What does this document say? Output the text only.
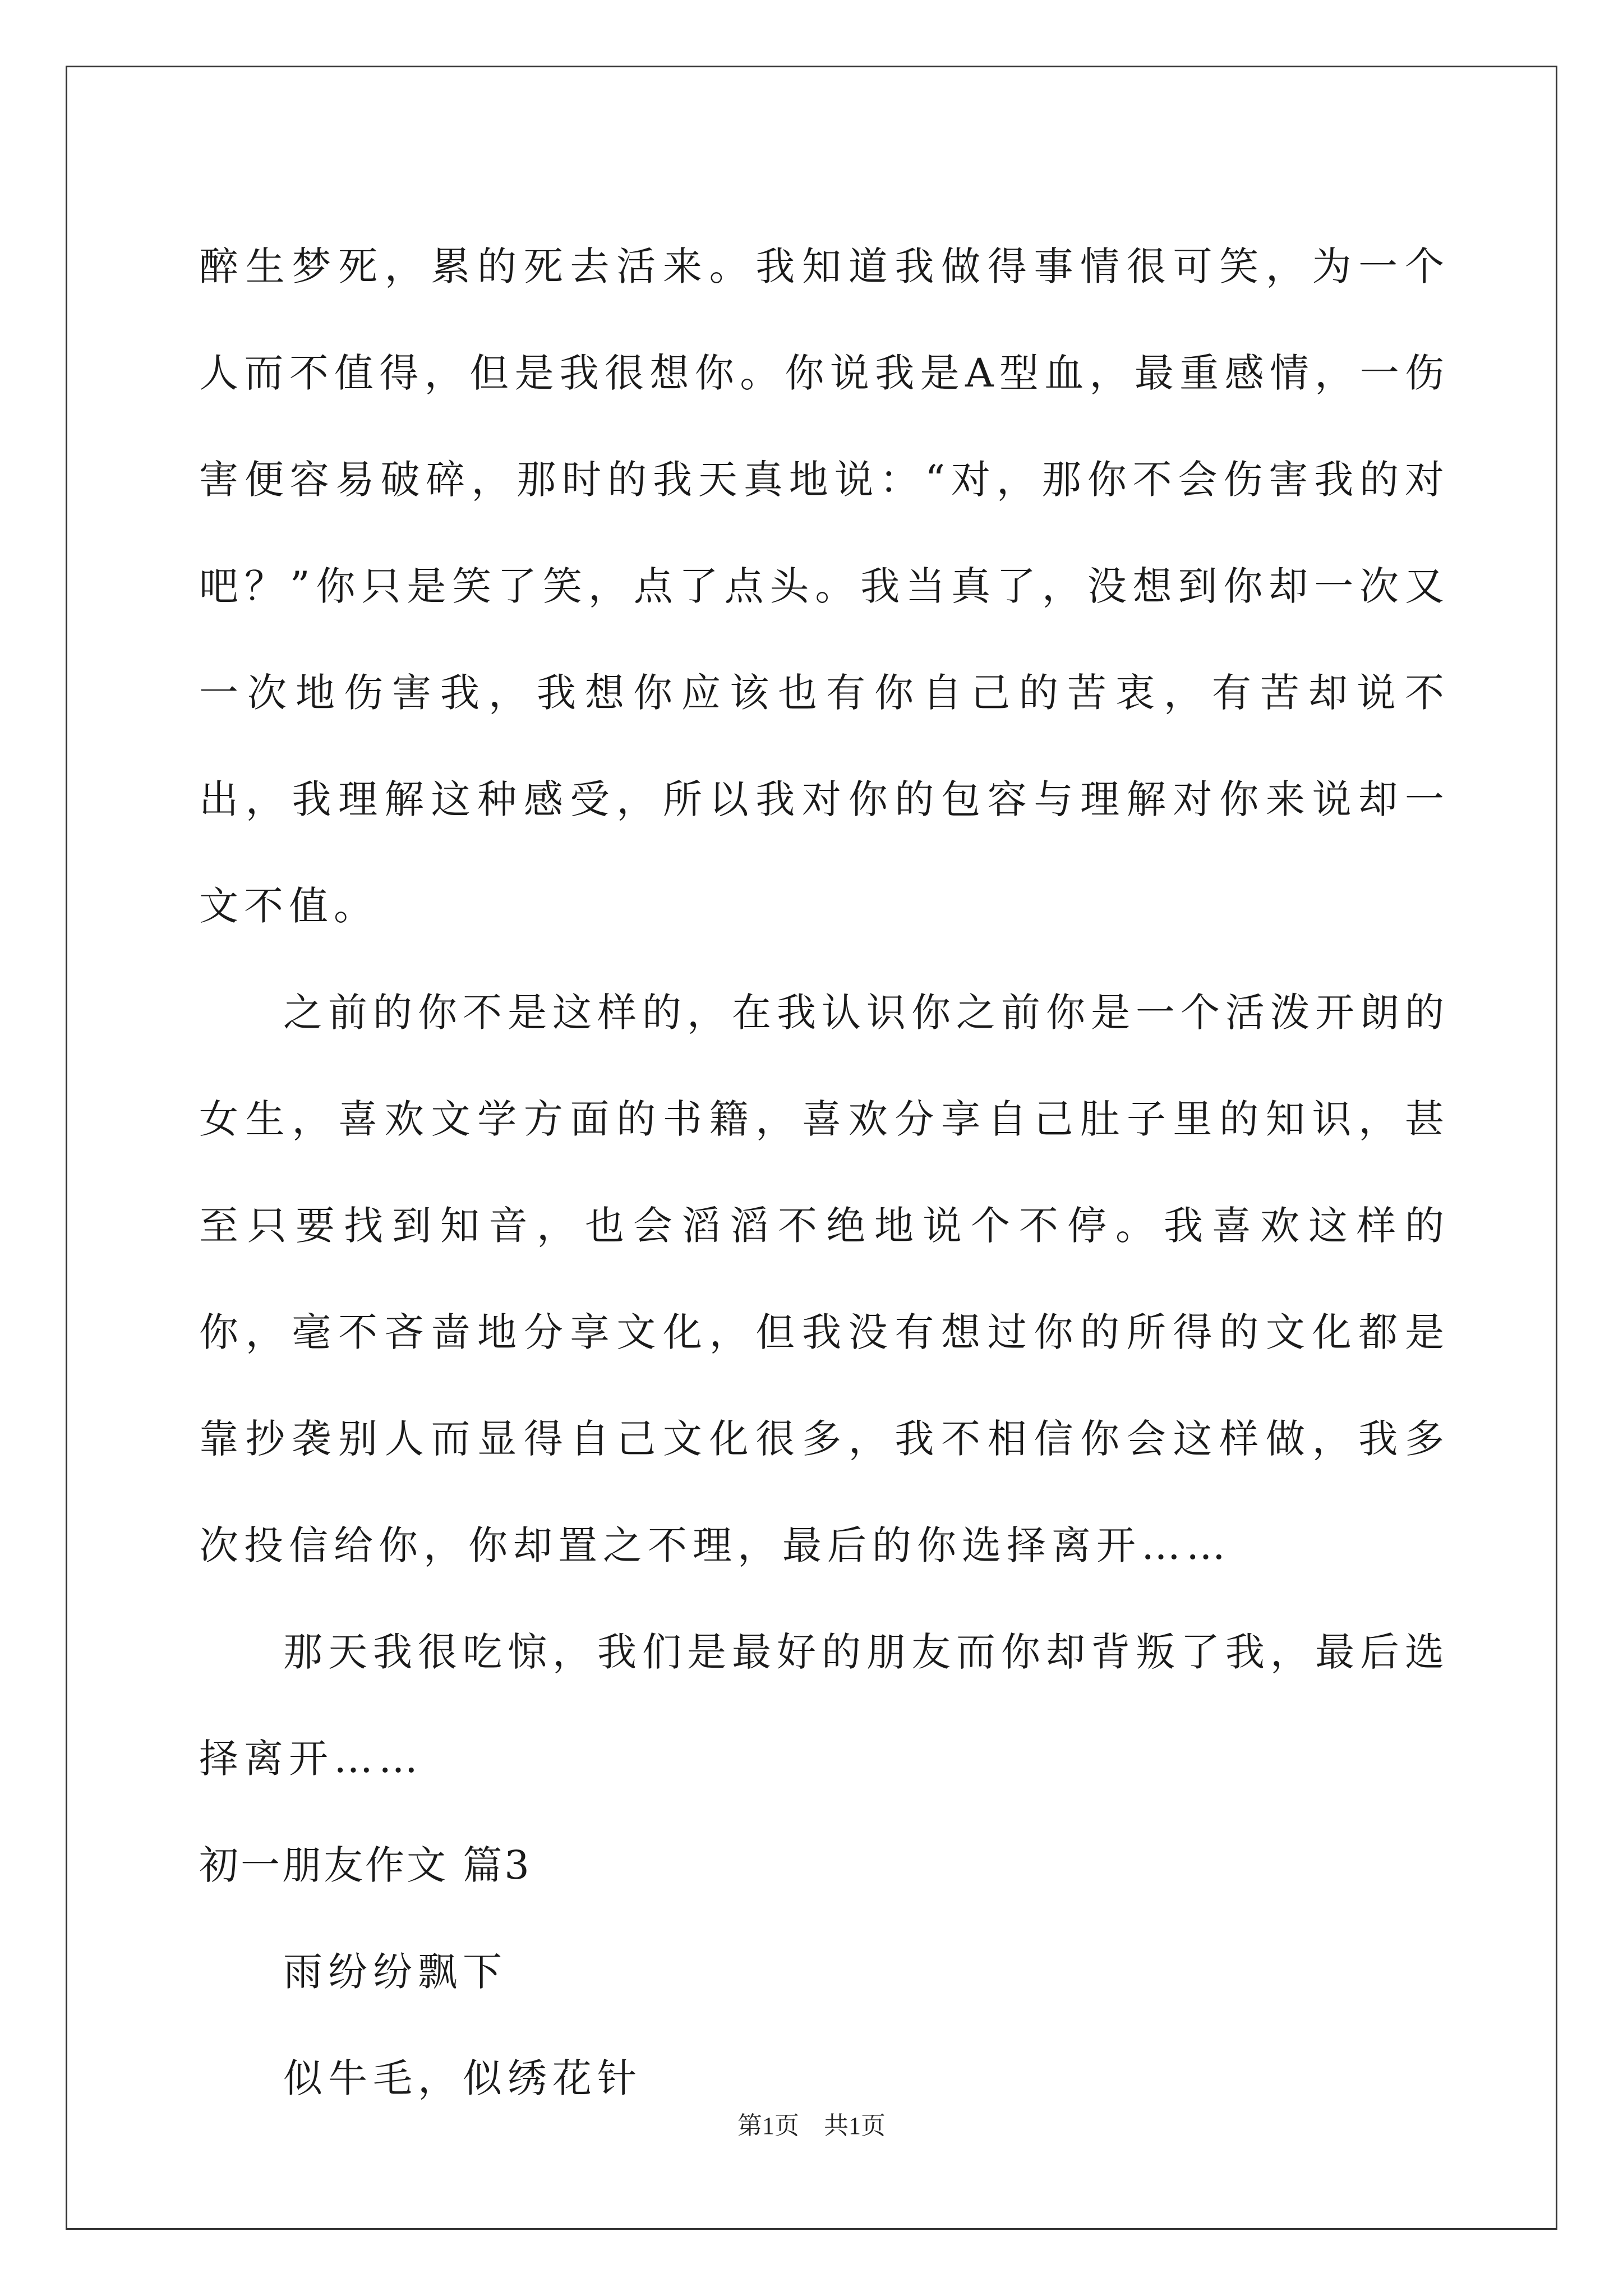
醉生梦死，累的死去活来。我知道我做得事情很可笑，为一个人而不值得，但是我很想你。你说我是A型血，最重感情，一伤害便容易破碎，那时的我天真地说：“对，那你不会伤害我的对吧？”你只是笑了笑，点了点头。我当真了，没想到你却一次又一次地伤害我，我想你应该也有你自己的苦衷，有苦却说不出，我理解这种感受，所以我对你的包容与理解对你来说却一文不值。

之前的你不是这样的，在我认识你之前你是一个活泼开朗的女生，喜欢文学方面的书籍，喜欢分享自己肚子里的知识，甚至只要找到知音，也会滔滔不绝地说个不停。我喜欢这样的你，毫不吝啬地分享文化，但我没有想过你的所得的文化都是靠抄袭别人而显得自己文化很多，我不相信你会这样做，我多次投信给你，你却置之不理，最后的你选择离开……

那天我很吃惊，我们是最好的朋友而你却背叛了我，最后选择离开……

初一朋友作文 篇3

雨纷纷飘下

似牛毛，似绣花针

第1页　共1页
